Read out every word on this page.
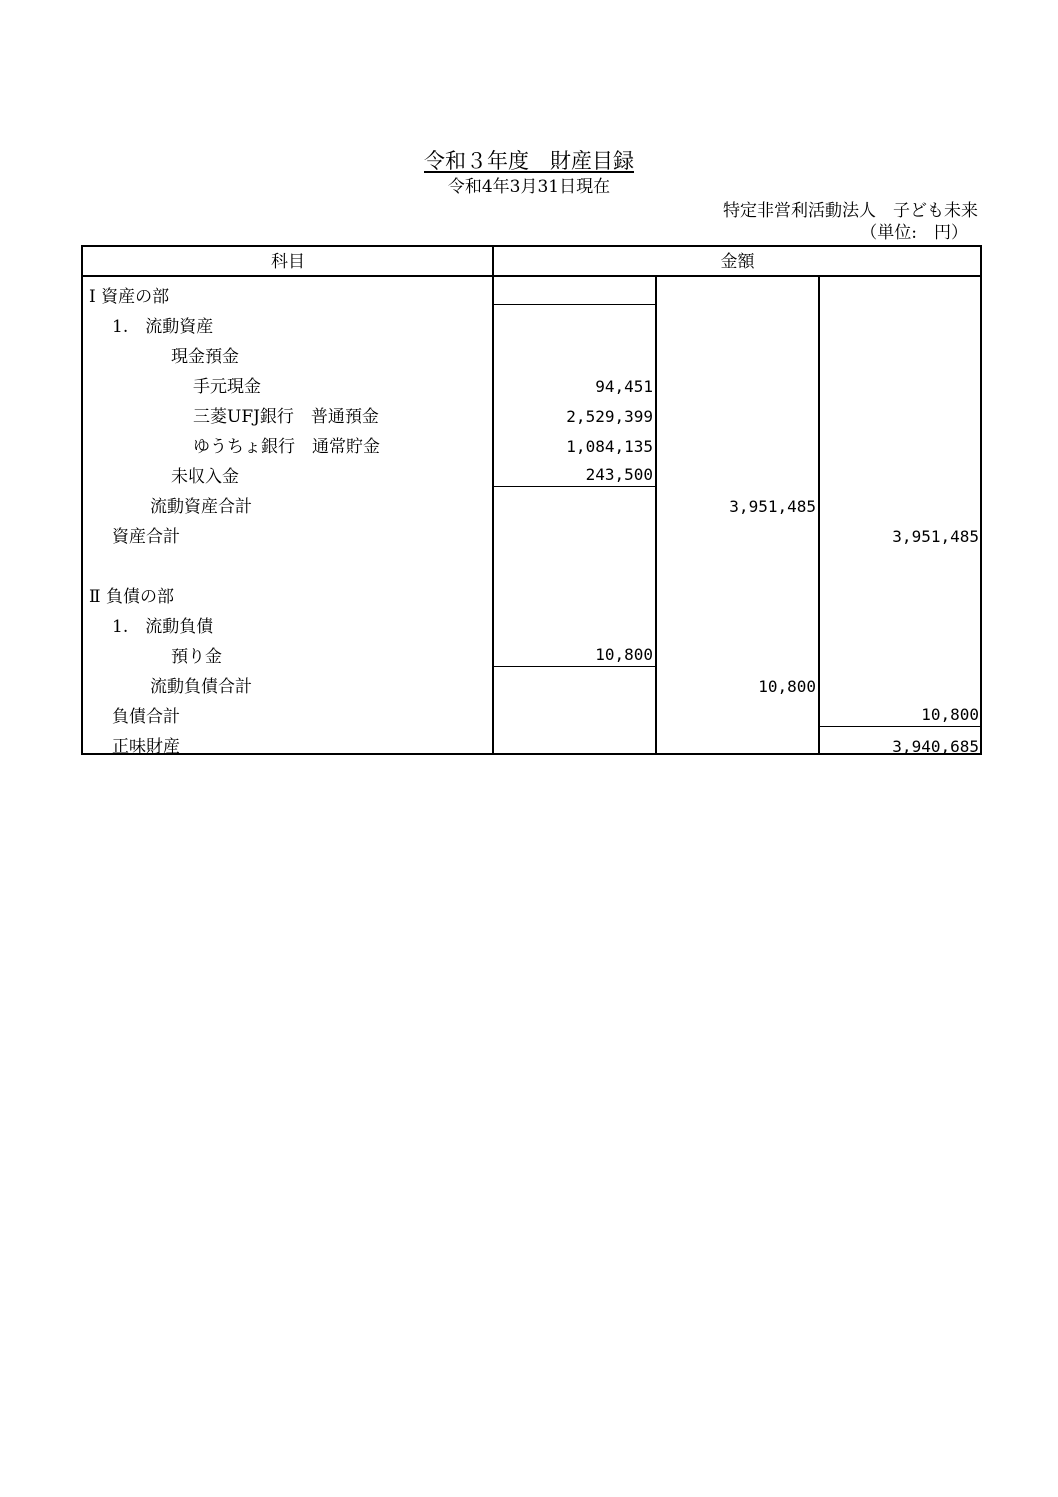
令和３年度　財産目録
令和4年3月31日現在
特定非営利活動法人　子ども未来
（単位:　円）
科目	金額
Ⅰ 資産の部
1.　流動資産
現金預金
手元現金
三菱UFJ銀行　普通預金
ゆうちょ銀行　通常貯金
未収入金
流動資産合計
資産合計
Ⅱ 負債の部
1.　流動負債
預り金
流動負債合計
負債合計
正味財産
94,451
2,529,399
1,084,135
243,500
10,800
3,951,485
10,800
3,951,485
10,800
3,940,685
